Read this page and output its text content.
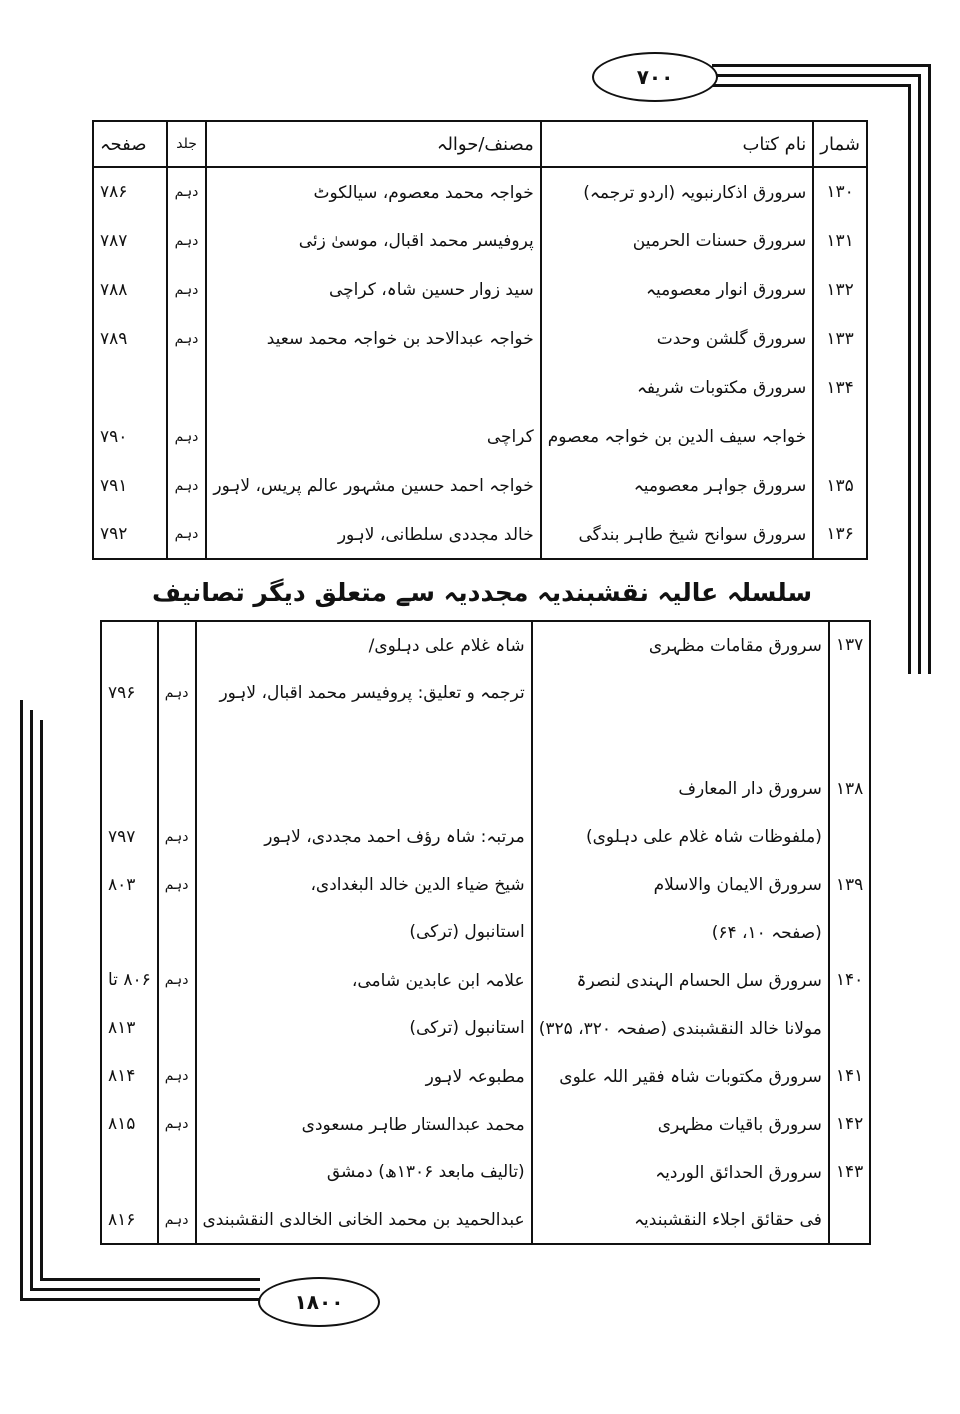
۷۰۰
۱۸۰۰
شمار	نام کتاب	مصنف/حوالہ	جلد	صفحہ
۱۳۰	سرورق اذکارنبویہ (اردو ترجمہ)	خواجہ محمد معصوم، سیالکوٹ	دہم	۷۸۶
۱۳۱	سرورق حسنات الحرمین	پروفیسر محمد اقبال، موسیٰ زئی	دہم	۷۸۷
۱۳۲	سرورق انوار معصومیہ	سید زوار حسین شاہ، کراچی	دہم	۷۸۸
۱۳۳	سرورق گلشن وحدت	خواجہ عبدالاحد بن خواجہ محمد سعید	دہم	۷۸۹
۱۳۴	سرورق مکتوبات شریفہ			
	خواجہ سیف الدین بن خواجہ معصوم	کراچی	دہم	۷۹۰
۱۳۵	سرورق جواہر معصومیہ	خواجہ احمد حسین مشہور عالم پریس، لاہور	دہم	۷۹۱
۱۳۶	سرورق سوانح شیخ طاہر بندگی	خالد مجددی سلطانی، لاہور	دہم	۷۹۲
سلسلہ عالیہ نقشبندیہ مجددیہ سے متعلق دیگر تصانیف
۱۳۷	سرورق مقامات مظہری	شاہ غلام علی دہلوی/		
		ترجمہ و تعلیق: پروفیسر محمد اقبال، لاہور	دہم	۷۹۶

۱۳۸	سرورق دار المعارف			
	(ملفوظات شاہ غلام علی دہلوی)	مرتبہ: شاہ رؤف احمد مجددی، لاہور	دہم	۷۹۷
۱۳۹	سرورق الایمان والاسلام	شیخ ضیاء الدین خالد البغدادی،	دہم	۸۰۳
	(صفحہ ۱۰، ۶۴)	استانبول (ترکی)		
۱۴۰	سرورق سل الحسام الہندی لنصرۃ	علامہ ابن عابدین شامی،	دہم	۸۰۶ تا
	مولانا خالد النقشبندی (صفحہ ۳۲۰، ۳۲۵)	استانبول (ترکی)		۸۱۳
۱۴۱	سرورق مکتوبات شاہ فقیر اللہ علوی	مطبوعہ لاہور	دہم	۸۱۴
۱۴۲	سرورق باقیات مظہری	محمد عبدالستار طاہر مسعودی	دہم	۸۱۵
۱۴۳	سرورق الحدائق الوردیہ	(تالیف مابعد ۱۳۰۶ھ) دمشق		
	فی حقائق اجلاء النقشبندیہ	عبدالحمید بن محمد الخانی الخالدی النقشبندی	دہم	۸۱۶
